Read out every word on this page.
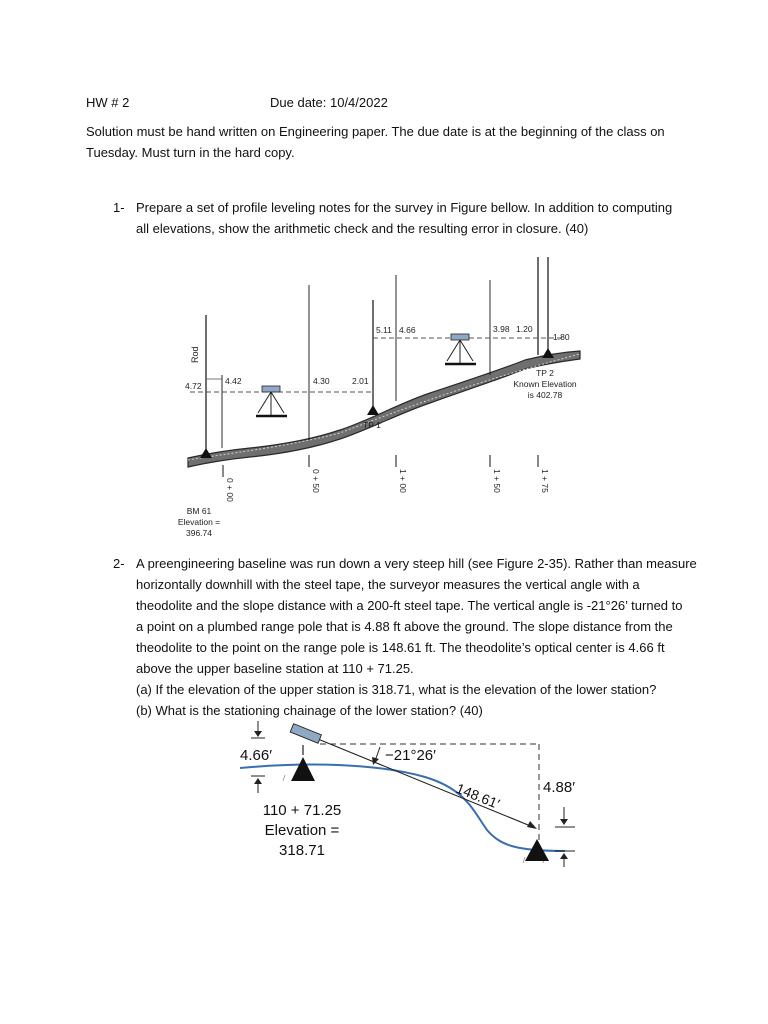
HW # 2	Due date: 10/4/2022
Solution must be hand written on Engineering paper. The due date is at the beginning of the class on
Tuesday. Must turn in the hard copy.
1- Prepare a set of profile leveling notes for the survey in Figure bellow. In addition to computing
all elevations, show the arithmetic check and the resulting error in closure. (40)
Rod
4.72	4.42	4.30	2.01
5.11 4.66	3.98 1.20
1.80
TP 1
TP 2
Known Elevation
is 402.78
0 + 00	0 + 50	1 + 00	1 + 50	1 + 75
BM 61
Elevation =
396.74
2- A preengineering baseline was run down a very steep hill (see Figure 2-35). Rather than measure
horizontally downhill with the steel tape, the surveyor measures the vertical angle with a
theodolite and the slope distance with a 200-ft steel tape. The vertical angle is -21°26’ turned to
a point on a plumbed range pole that is 4.88 ft above the ground. The slope distance from the
theodolite to the point on the range pole is 148.61 ft. The theodolite’s optical center is 4.66 ft
above the upper baseline station at 110 + 71.25.
(a) If the elevation of the upper station is 318.71, what is the elevation of the lower station?
(b) What is the stationing chainage of the lower station? (40)
4.66′	−21°26′
148.61′	4.88′
110 + 71.25
Elevation =
318.71
